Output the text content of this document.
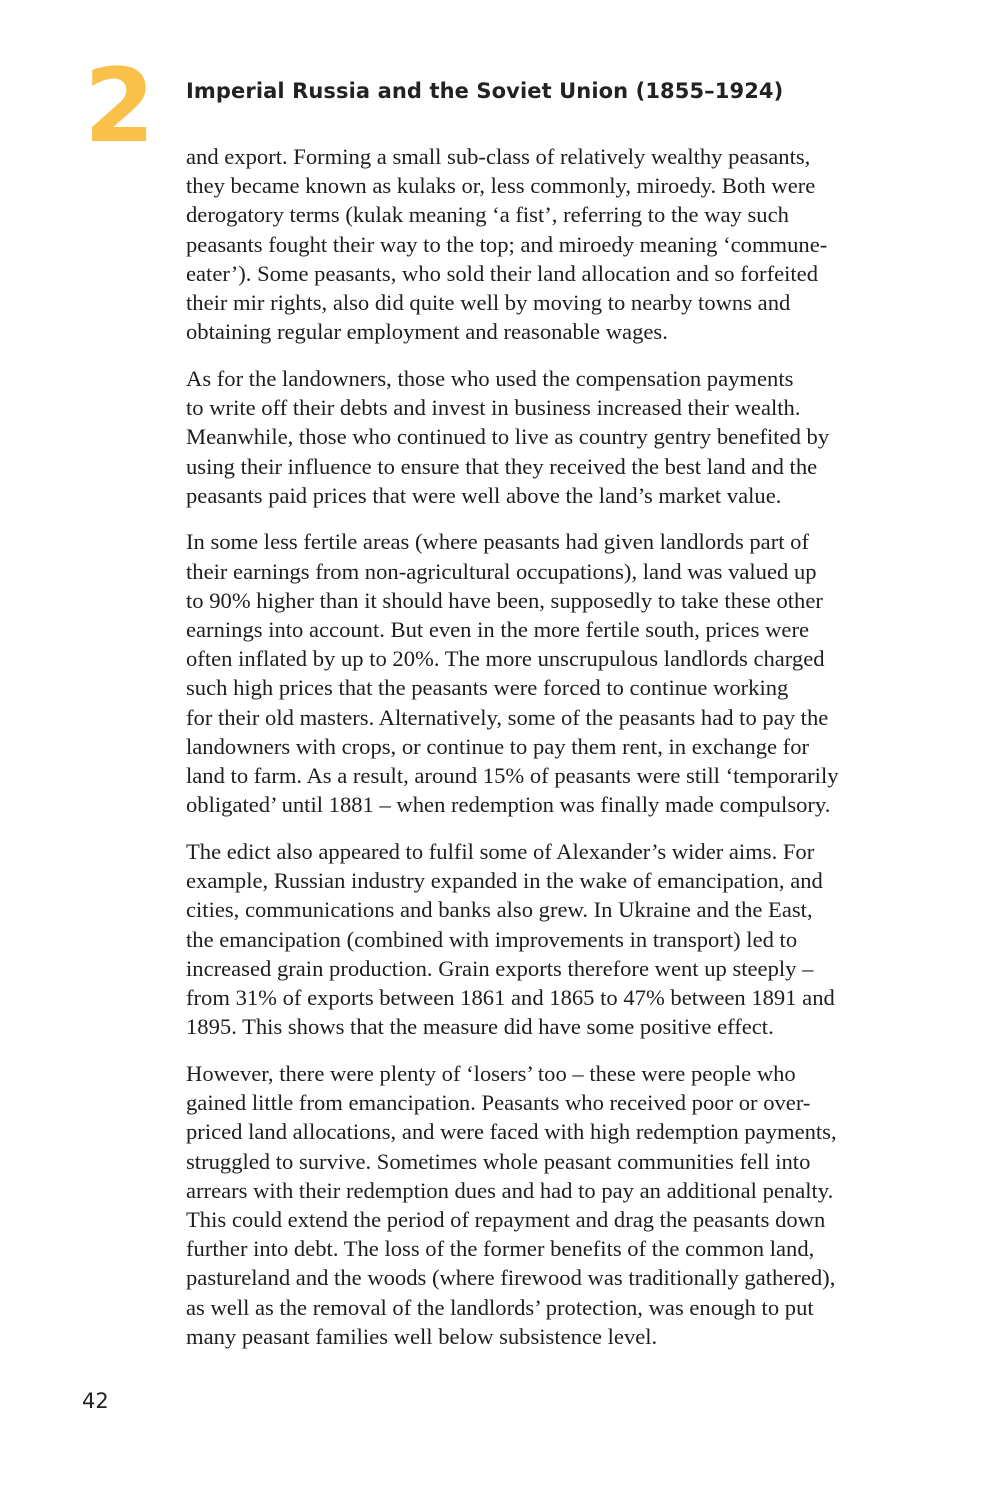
2 Imperial Russia and the Soviet Union (1855–1924)

and export. Forming a small sub-class of relatively wealthy peasants,
they became known as kulaks or, less commonly, miroedy. Both were
derogatory terms (kulak meaning ‘a fist’, referring to the way such
peasants fought their way to the top; and miroedy meaning ‘commune-
eater’). Some peasants, who sold their land allocation and so forfeited
their mir rights, also did quite well by moving to nearby towns and
obtaining regular employment and reasonable wages.

As for the landowners, those who used the compensation payments
to write off their debts and invest in business increased their wealth.
Meanwhile, those who continued to live as country gentry benefited by
using their influence to ensure that they received the best land and the
peasants paid prices that were well above the land’s market value.

In some less fertile areas (where peasants had given landlords part of
their earnings from non-agricultural occupations), land was valued up
to 90% higher than it should have been, supposedly to take these other
earnings into account. But even in the more fertile south, prices were
often inflated by up to 20%. The more unscrupulous landlords charged
such high prices that the peasants were forced to continue working
for their old masters. Alternatively, some of the peasants had to pay the
landowners with crops, or continue to pay them rent, in exchange for
land to farm. As a result, around 15% of peasants were still ‘temporarily
obligated’ until 1881 – when redemption was finally made compulsory.

The edict also appeared to fulfil some of Alexander’s wider aims. For
example, Russian industry expanded in the wake of emancipation, and
cities, communications and banks also grew. In Ukraine and the East,
the emancipation (combined with improvements in transport) led to
increased grain production. Grain exports therefore went up steeply –
from 31% of exports between 1861 and 1865 to 47% between 1891 and
1895. This shows that the measure did have some positive effect.

However, there were plenty of ‘losers’ too – these were people who
gained little from emancipation. Peasants who received poor or over-
priced land allocations, and were faced with high redemption payments,
struggled to survive. Sometimes whole peasant communities fell into
arrears with their redemption dues and had to pay an additional penalty.
This could extend the period of repayment and drag the peasants down
further into debt. The loss of the former benefits of the common land,
pastureland and the woods (where firewood was traditionally gathered),
as well as the removal of the landlords’ protection, was enough to put
many peasant families well below subsistence level.

42
